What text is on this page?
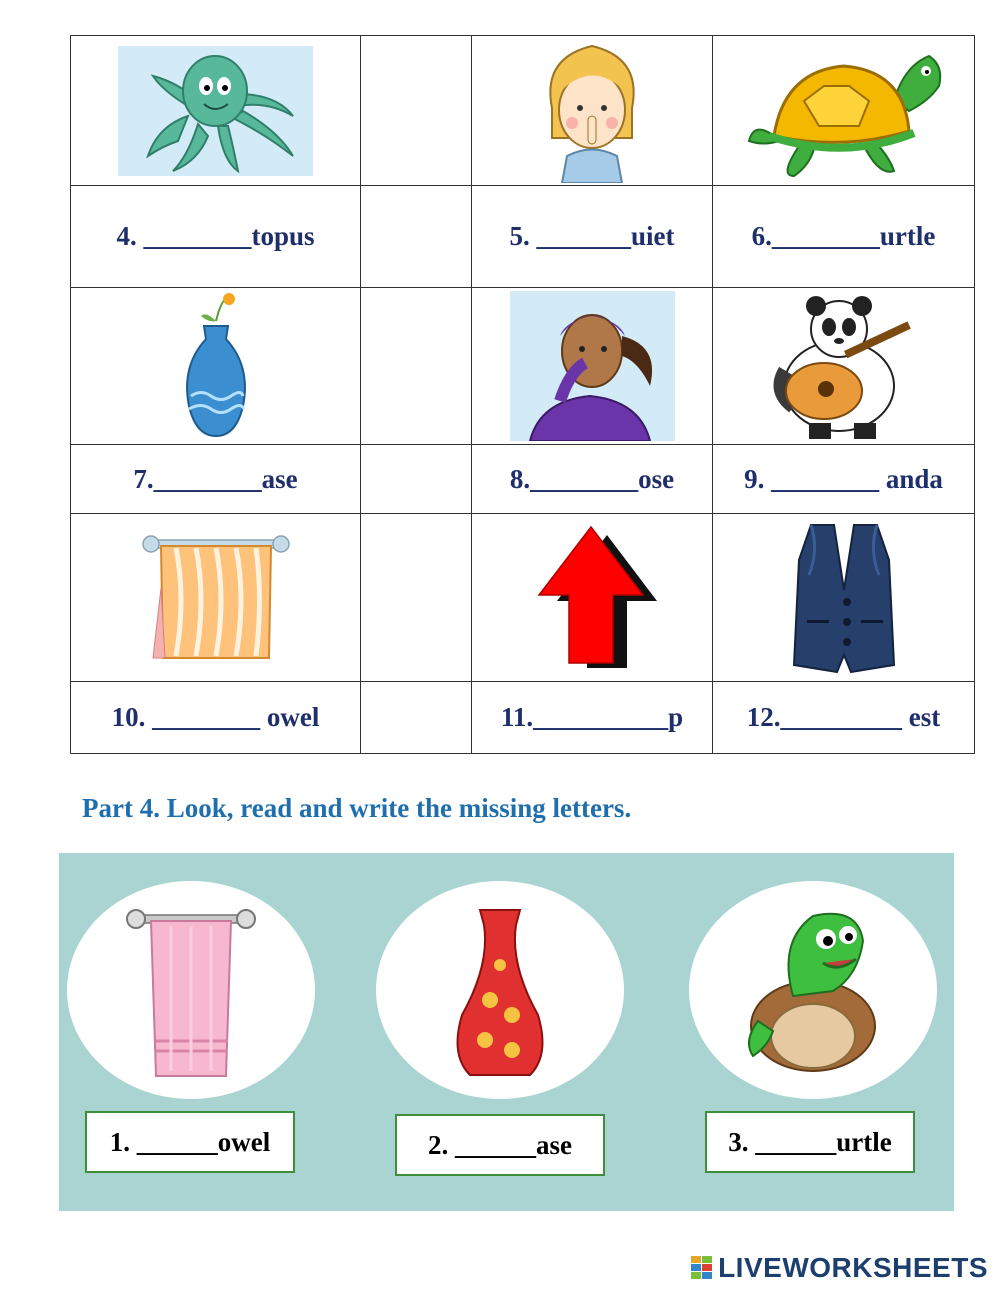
4. ________topus		5. _______uiet	6.________urtle

7.________ase		8.________ose	9. ________ anda

10. ________ owel		11.__________p	12._________ est

Part 4. Look, read and write the missing letters.

1. ______owel	2. ______ase	3. ______urtle
LIVEWORKSHEETS
